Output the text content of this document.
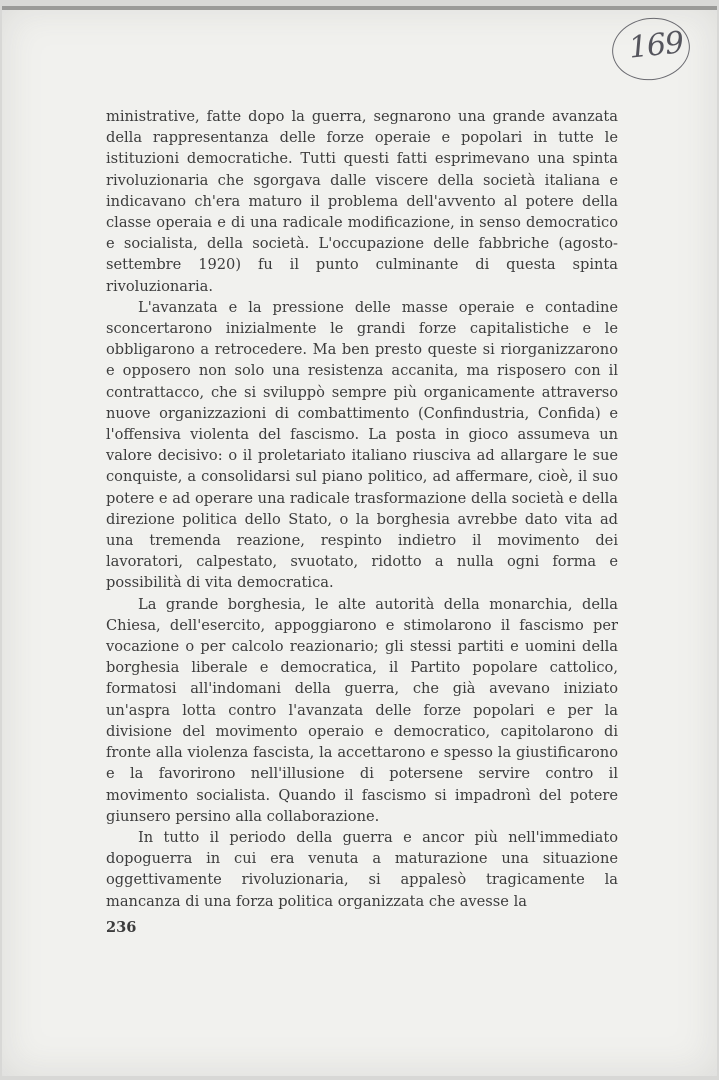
169

ministrative, fatte dopo la guerra, segnarono una grande avanzata della rappresentanza delle forze operaie e popolari in tutte le istituzioni democratiche. Tutti questi fatti esprimevano una spinta rivoluzionaria che sgorgava dalle viscere della società italiana e indicavano ch'era maturo il problema dell'avvento al potere della classe operaia e di una radicale modificazione, in senso democratico e socialista, della società. L'occupazione delle fabbriche (agosto-settembre 1920) fu il punto culminante di questa spinta rivoluzionaria.

L'avanzata e la pressione delle masse operaie e contadine sconcertarono inizialmente le grandi forze capitalistiche e le obbligarono a retrocedere. Ma ben presto queste si riorganizzarono e opposero non solo una resistenza accanita, ma risposero con il contrattacco, che si sviluppò sempre più organicamente attraverso nuove organizzazioni di combattimento (Confindustria, Confida) e l'offensiva violenta del fascismo. La posta in gioco assumeva un valore decisivo: o il proletariato italiano riusciva ad allargare le sue conquiste, a consolidarsi sul piano politico, ad affermare, cioè, il suo potere e ad operare una radicale trasformazione della società e della direzione politica dello Stato, o la borghesia avrebbe dato vita ad una tremenda reazione, respinto indietro il movimento dei lavoratori, calpestato, svuotato, ridotto a nulla ogni forma e possibilità di vita democratica.

La grande borghesia, le alte autorità della monarchia, della Chiesa, dell'esercito, appoggiarono e stimolarono il fascismo per vocazione o per calcolo reazionario; gli stessi partiti e uomini della borghesia liberale e democratica, il Partito popolare cattolico, formatosi all'indomani della guerra, che già avevano iniziato un'aspra lotta contro l'avanzata delle forze popolari e per la divisione del movimento operaio e democratico, capitolarono di fronte alla violenza fascista, la accettarono e spesso la giustificarono e la favorirono nell'illusione di potersene servire contro il movimento socialista. Quando il fascismo si impadronì del potere giunsero persino alla collaborazione.

In tutto il periodo della guerra e ancor più nell'immediato dopoguerra in cui era venuta a maturazione una situazione oggettivamente rivoluzionaria, si appalesò tragicamente la mancanza di una forza politica organizzata che avesse la

236
